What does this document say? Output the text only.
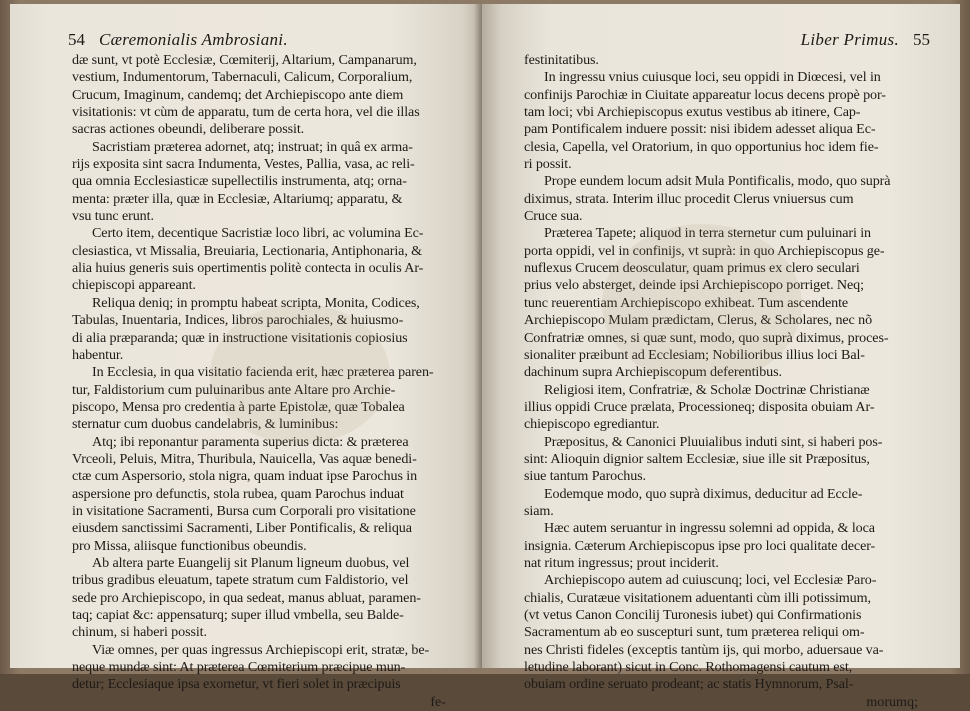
54 Cæremonialis Ambrosiani.

dæ sunt, vt potè Ecclesiæ, Cœmiterij, Altarium, Campanarum,
vestium, Indumentorum, Tabernaculi, Calicum, Corporalium,
Crucum, Imaginum, candemq; det Archiepiscopo ante diem
visitationis: vt cùm de apparatu, tum de certa hora, vel die illas
sacras actiones obeundi, deliberare possit.
Sacristiam præterea adornet, atq; instruat; in quâ ex arma-
rijs exposita sint sacra Indumenta, Vestes, Pallia, vasa, ac reli-
qua omnia Ecclesiasticæ supellectilis instrumenta, atq; orna-
menta: præter illa, quæ in Ecclesiæ, Altariumq; apparatu, &
vsu tunc erunt.
Certo item, decentique Sacristiæ loco libri, ac volumina Ec-
clesiastica, vt Missalia, Breuiaria, Lectionaria, Antiphonaria, &
alia huius generis suis opertimentis politè contecta in oculis Ar-
chiepiscopi appareant.
Reliqua deniq; in promptu habeat scripta, Monita, Codices,
Tabulas, Inuentaria, Indices, libros parochiales, & huiusmo-
di alia præparanda; quæ in instructione visitationis copiosius
habentur.
In Ecclesia, in qua visitatio facienda erit, hæc præterea paren-
tur, Faldistorium cum puluinaribus ante Altare pro Archie-
piscopo, Mensa pro credentia à parte Epistolæ, quæ Tobalea
sternatur cum duobus candelabris, & luminibus:
Atq; ibi reponantur paramenta superius dicta: & præterea
Vrceoli, Peluis, Mitra, Thuribula, Nauicella, Vas aquæ benedi-
ctæ cum Aspersorio, stola nigra, quam induat ipse Parochus in
aspersione pro defunctis, stola rubea, quam Parochus induat
in visitatione Sacramenti, Bursa cum Corporali pro visitatione
eiusdem sanctissimi Sacramenti, Liber Pontificalis, & reliqua
pro Missa, aliisque functionibus obeundis.
Ab altera parte Euangelij sit Planum ligneum duobus, vel
tribus gradibus eleuatum, tapete stratum cum Faldistorio, vel
sede pro Archiepiscopo, in qua sedeat, manus abluat, paramen-
taq; capiat &c: appensaturq; super illud vmbella, seu Balde-
chinum, si haberi possit.
Viæ omnes, per quas ingressus Archiepiscopi erit, stratæ, be-
neque mundæ sint: At præterea Cœmiterium præcipue mun-
detur; Ecclesiaque ipsa exornetur, vt fieri solet in præcipuis

fe-
Liber Primus. 55

festinitatibus.
In ingressu vnius cuiusque loci, seu oppidi in Diœcesi, vel in
confinijs Parochiæ in Ciuitate appareatur locus decens propè por-
tam loci; vbi Archiepiscopus exutus vestibus ab itinere, Cap-
pam Pontificalem induere possit: nisi ibidem adesset aliqua Ec-
clesia, Capella, vel Oratorium, in quo opportunius hoc idem fie-
ri possit.
Prope eundem locum adsit Mula Pontificalis, modo, quo suprà
diximus, strata. Interim illuc procedit Clerus vniuersus cum
Cruce sua.
Præterea Tapete; aliquod in terra sternetur cum puluinari in
porta oppidi, vel in confinijs, vt suprà: in quo Archiepiscopus ge-
nuflexus Crucem deosculatur, quam primus ex clero seculari
prius velo absterget, deinde ipsi Archiepiscopo porriget. Neq;
tunc reuerentiam Archiepiscopo exhibeat. Tum ascendente
Archiepiscopo Mulam prædictam, Clerus, & Scholares, nec nõ
Confratriæ omnes, si quæ sunt, modo, quo suprà diximus, proces-
sionaliter præibunt ad Ecclesiam; Nobilioribus illius loci Bal-
dachinum supra Archiepiscopum deferentibus.
Religiosi item, Confratriæ, & Scholæ Doctrinæ Christianæ
illius oppidi Cruce prælata, Processioneq; disposita obuiam Ar-
chiepiscopo egrediantur.
Præpositus, & Canonici Pluuialibus induti sint, si haberi pos-
sint: Alioquin dignior saltem Ecclesiæ, siue ille sit Præpositus,
siue tantum Parochus.
Eodemque modo, quo suprà diximus, deducitur ad Eccle-
siam.
Hæc autem seruantur in ingressu solemni ad oppida, & loca
insignia. Cæterum Archiepiscopus ipse pro loci qualitate decer-
nat ritum ingressus; prout inciderit.
Archiepiscopo autem ad cuiuscunq; loci, vel Ecclesiæ Paro-
chialis, Curatæue visitationem aduentanti cùm illi potissimum,
(vt vetus Canon Concilij Turonesis iubet) qui Confirmationis
Sacramentum ab eo suscepturi sunt, tum præterea reliqui om-
nes Christi fideles (exceptis tantùm ijs, qui morbo, aduersaue va-
letudine laborant) sicut in Conc. Rothomagensi cautum est,
obuiam ordine seruato prodeant; ac statis Hymnorum, Psal-

morumq;
